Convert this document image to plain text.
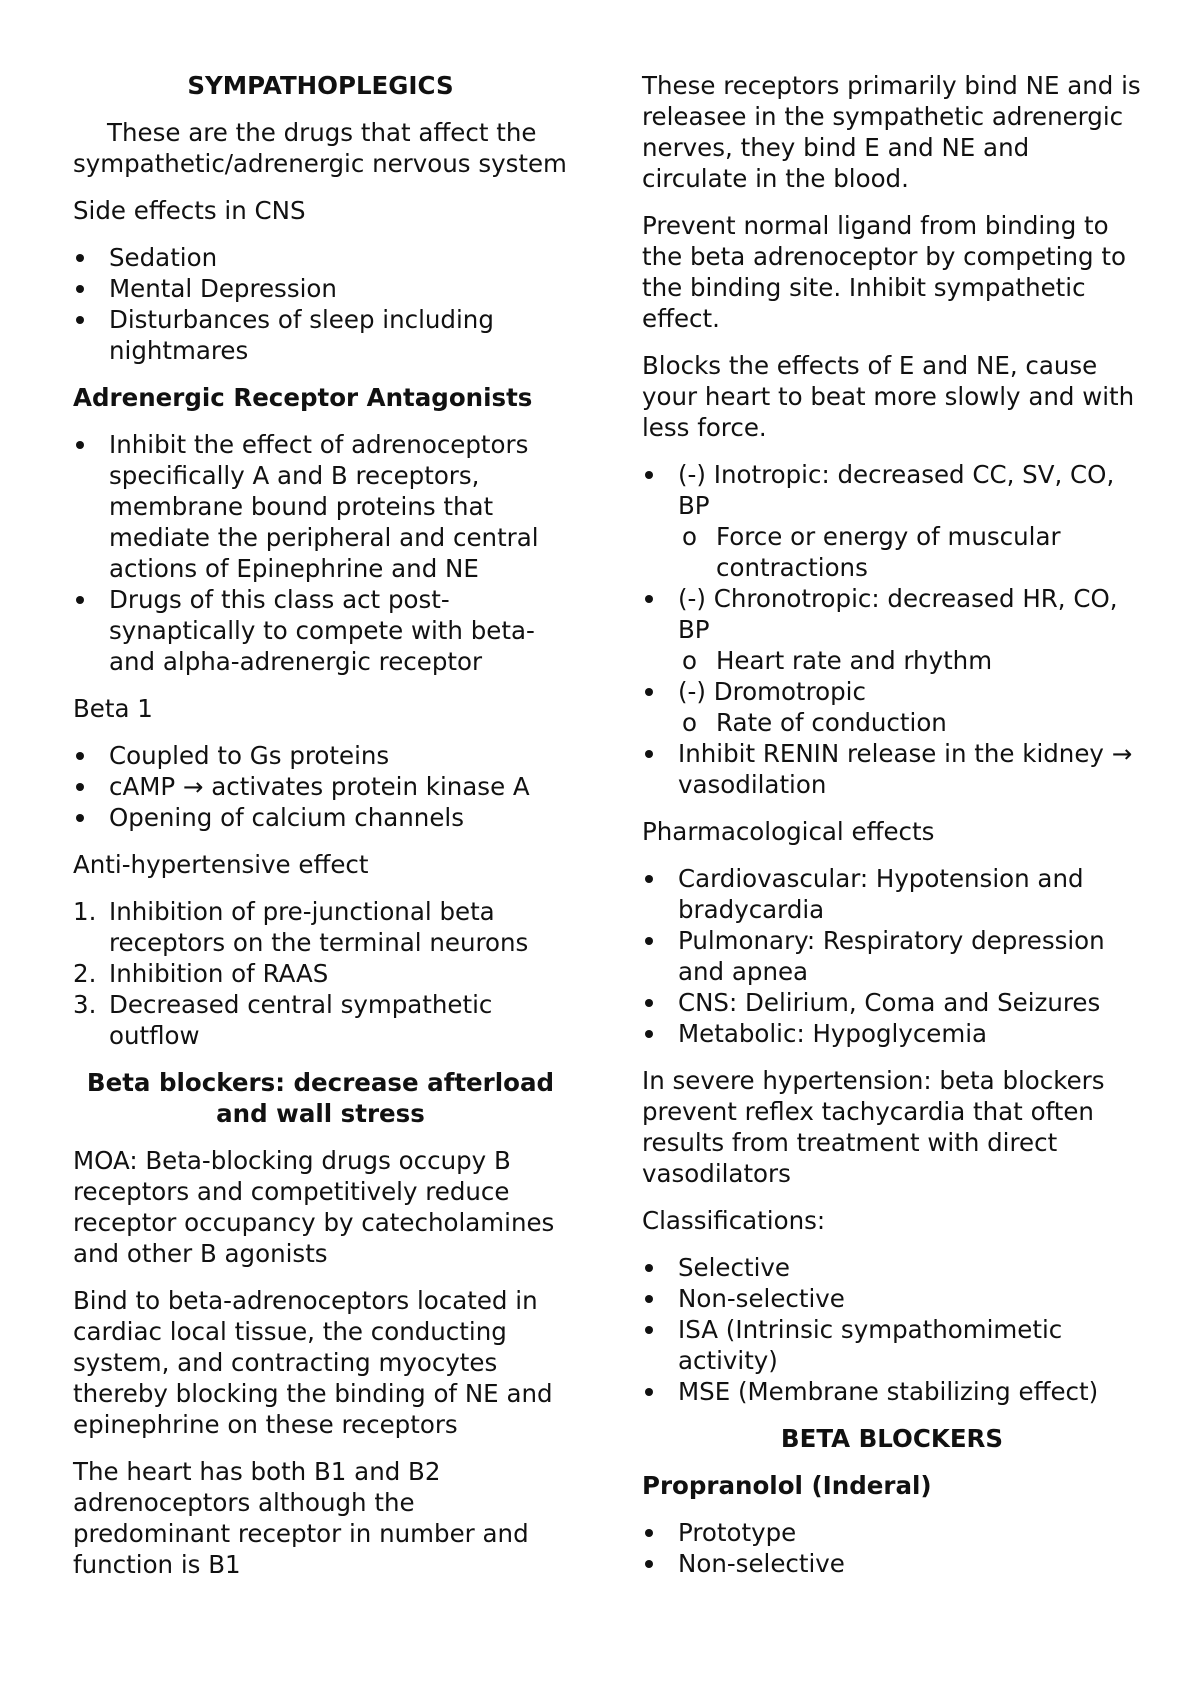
SYMPATHOPLEGICS

These are the drugs that affect the sympathetic/adrenergic nervous system

Side effects in CNS

Sedation
Mental Depression
Disturbances of sleep including nightmares
Adrenergic Receptor Antagonists
Inhibit the effect of adrenoceptors specifically A and B receptors, membrane bound proteins that mediate the peripheral and central actions of Epinephrine and NE
Drugs of this class act post-synaptically to compete with beta- and alpha-adrenergic receptor

Beta 1

Coupled to Gs proteins
cAMP → activates protein kinase A
Opening of calcium channels

Anti-hypertensive effect

1. Inhibition of pre-junctional beta receptors on the terminal neurons
2. Inhibition of RAAS
3. Decreased central sympathetic outflow
Beta blockers: decrease afterload and wall stress

MOA: Beta-blocking drugs occupy B receptors and competitively reduce receptor occupancy by catecholamines and other B agonists

Bind to beta-adrenoceptors located in cardiac local tissue, the conducting system, and contracting myocytes thereby blocking the binding of NE and epinephrine on these receptors

The heart has both B1 and B2 adrenoceptors although the predominant receptor in number and function is B1

These receptors primarily bind NE and is releasee in the sympathetic adrenergic nerves, they bind E and NE and circulate in the blood.

Prevent normal ligand from binding to the beta adrenoceptor by competing to the binding site. Inhibit sympathetic effect.

Blocks the effects of E and NE, cause your heart to beat more slowly and with less force.

(-) Inotropic: decreased CC, SV, CO, BP
o Force or energy of muscular contractions
(-) Chronotropic: decreased HR, CO, BP
o Heart rate and rhythm
(-) Dromotropic
o Rate of conduction
Inhibit RENIN release in the kidney → vasodilation

Pharmacological effects

Cardiovascular: Hypotension and bradycardia
Pulmonary: Respiratory depression and apnea
CNS: Delirium, Coma and Seizures
Metabolic: Hypoglycemia

In severe hypertension: beta blockers prevent reflex tachycardia that often results from treatment with direct vasodilators

Classifications:

Selective
Non-selective
ISA (Intrinsic sympathomimetic activity)
MSE (Membrane stabilizing effect)
BETA BLOCKERS
Propranolol (Inderal)
Prototype
Non-selective
